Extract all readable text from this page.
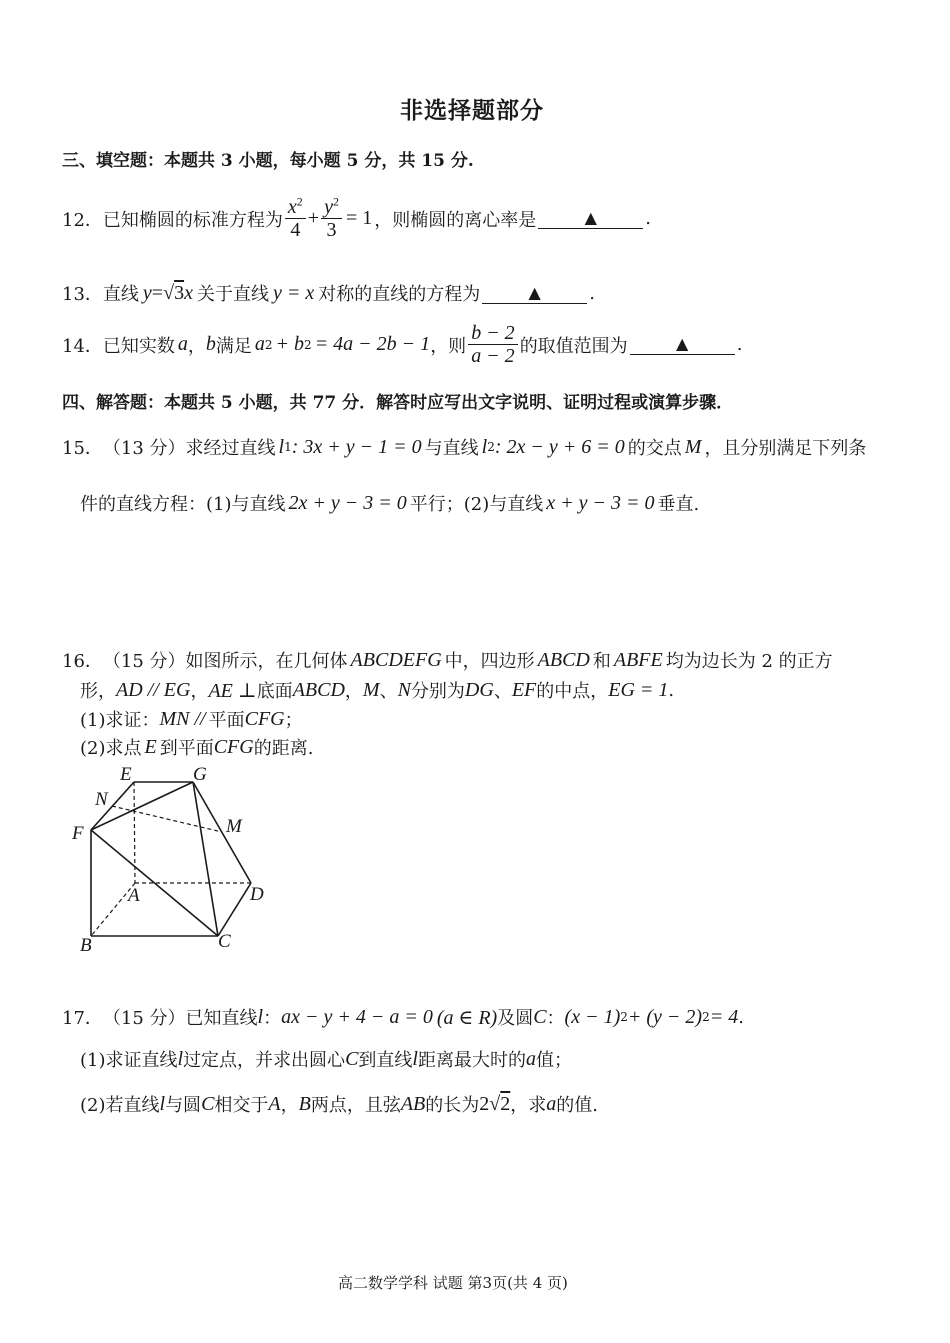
非选择题部分
三、填空题：本题共 3 小题，每小题 5 分，共 15 分.
12． 已知椭圆的标准方程为 $\frac{x^2}{4} + \frac{y^2}{3} = 1$ ，则椭圆的离心率是	▲	.
13． 直线 y = √ 3 x 关于直线 y = x 对称的直线的方程为	▲	.
14． 已知实数 a ， b 满足 a 2 + b 2 = 4a − 2b − 1 ，则 $\frac{b - 2}{a - 2}$ 的取值范围为	▲	.
四、解答题：本题共 5 小题，共 77 分．解答时应写出文字说明、证明过程或演算步骤．
15． （13 分） 求经过直线 l 1 : 3x + y − 1 = 0 与直线 l 2 : 2x − y + 6 = 0 的交点 M ，且分别满足下列条
件的直线方程：(1)与直线 2x + y − 3 = 0 平行；(2)与直线 x + y − 3 = 0 垂直.
16． （15 分） 如图所示，在几何体 ABCDEFG 中，四边形 ABCD 和 ABFE 均为边长为 2 的正方
形， AD // EG ， AE ⊥ 底面 ABCD ， M 、 N 分别为 DG 、 EF 的中点， EG = 1 .
(1)求证： MN // 平面 CFG ；
(2)求点 E 到平面 CFG 的距离.
E	G
N
M
F
A	D
B	C
17． （15 分） 已知直线 l ： ax − y + 4 − a = 0 (a ∈ R) 及圆 C ： (x − 1) 2 + (y − 2) 2 = 4 .
(1)求证直线 l 过定点，并求出圆心 C 到直线 l 距离最大时的 a 值；
(2)若直线 l 与圆 C 相交于 A ， B 两点，且弦 AB 的长为 2 √ 2 ，求 a 的值.
高二数学学科 试题 第3页(共 4 页)
